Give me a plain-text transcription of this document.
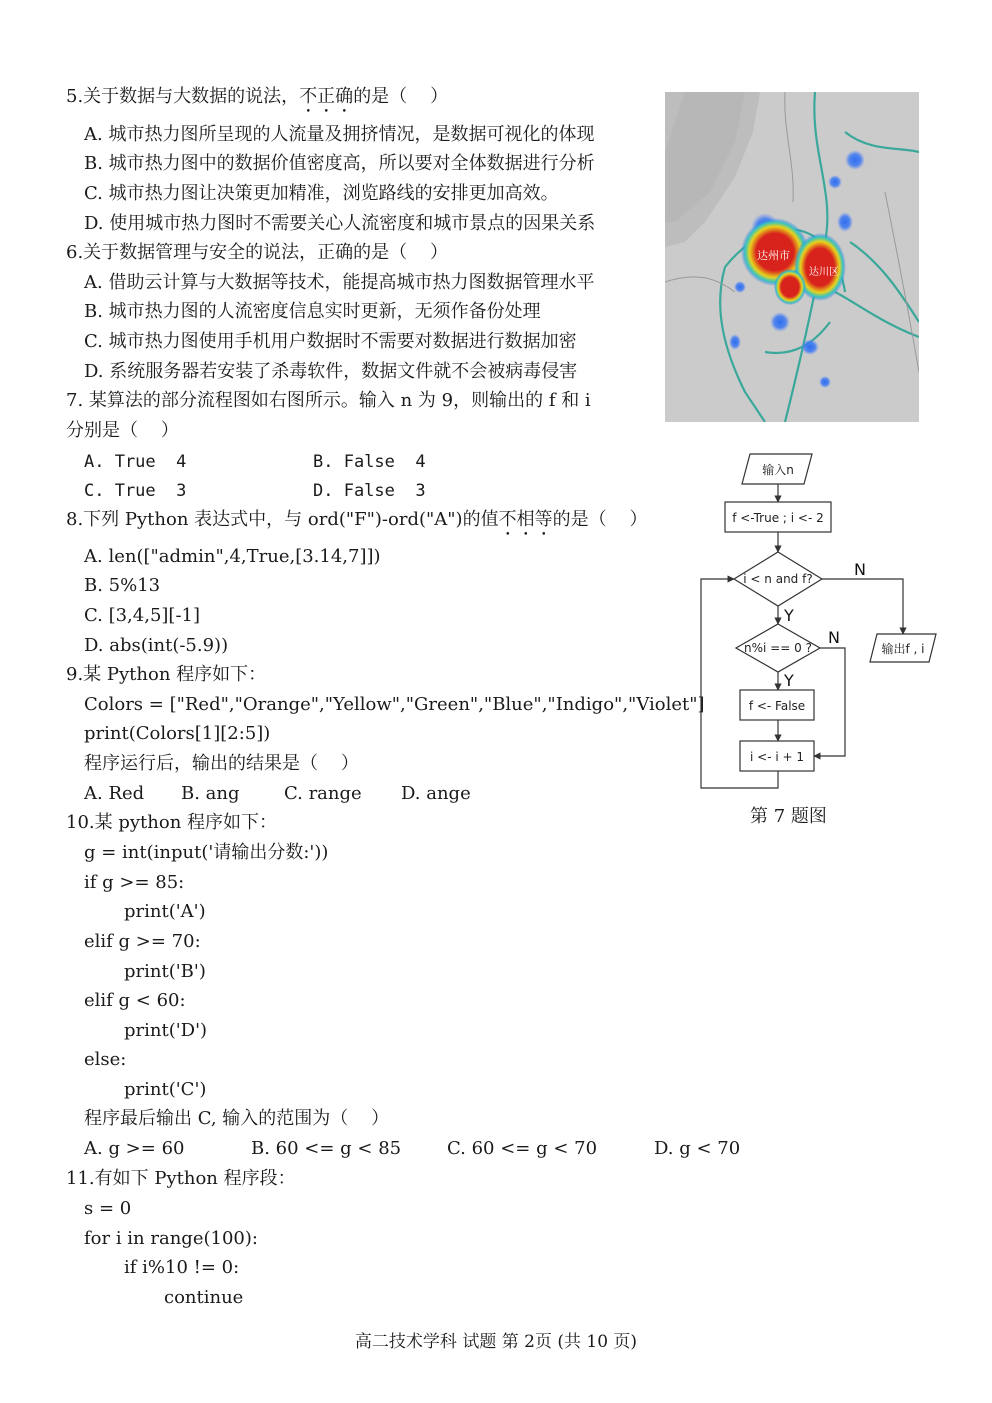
5.关于数据与大数据的说法，不正确的是（    ）
A. 城市热力图所呈现的人流量及拥挤情况，是数据可视化的体现
B. 城市热力图中的数据价值密度高，所以要对全体数据进行分析
C. 城市热力图让决策更加精准，浏览路线的安排更加高效。
D. 使用城市热力图时不需要关心人流密度和城市景点的因果关系
6.关于数据管理与安全的说法，正确的是（    ）
A. 借助云计算与大数据等技术，能提高城市热力图数据管理水平
B. 城市热力图的人流密度信息实时更新，无须作备份处理
C. 城市热力图使用手机用户数据时不需要对数据进行数据加密
D. 系统服务器若安装了杀毒软件，数据文件就不会被病毒侵害
7. 某算法的部分流程图如右图所示。输入 n 为 9，则输出的 f 和 i
分别是（    ）
A. True  4	B. False  4
C. True  3	D. False  3
8.下列 Python 表达式中，与 ord("F")-ord("A")的值不相等的是（    ）
A. len(["admin",4,True,[3.14,7]])
B. 5%13
C. [3,4,5][-1]
D. abs(int(-5.9))
9.某 Python 程序如下：
Colors = ["Red","Orange","Yellow","Green","Blue","Indigo","Violet"]
print(Colors[1][2:5])
程序运行后，输出的结果是（    ）
A. Red B. ang C. range D. ange
10.某 python 程序如下：
g = int(input('请输出分数:'))
if g >= 85:
print('A')
elif g >= 70:
print('B')
elif g < 60:
print('D')
else:
print('C')
程序最后输出 C, 输入的范围为（    ）
A. g >= 60	B. 60 <= g < 85	C. 60 <= g < 70	D. g < 70
11.有如下 Python 程序段：
s = 0
for i in range(100):
if i%10 != 0:
continue
达州市
达川区
输入n
f <-True ; i <- 2
i < n and f?
n%i == 0 ?
f <- False
i <- i + 1
输出f , i
N
Y
N
Y
第 7 题图
高二技术学科 试题 第 2页 (共 10 页)
